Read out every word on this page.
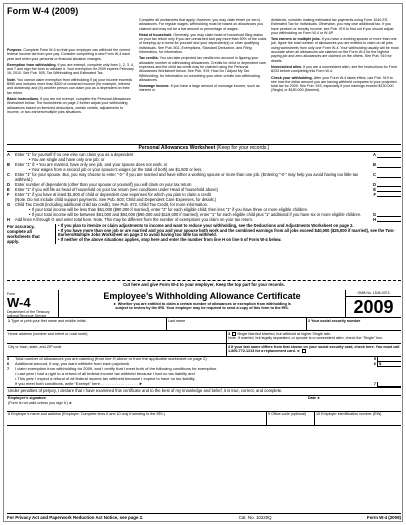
Form W-4 (2009)

Purpose. Complete Form W-4 so that your employer can withhold the correct federal income tax from your pay. Consider completing a new Form W-4 each year and when your personal or financial situation changes.

Exemption from withholding. If you are exempt, complete only lines 1, 2, 3, 4, and 7 and sign the form to validate it. Your exemption for 2009 expires February 16, 2010. See Pub. 505, Tax Withholding and Estimated Tax.

Note. You cannot claim exemption from withholding if (a) your income exceeds $950 and includes more than $300 of unearned income (for example, interest and dividends) and (b) another person can claim you as a dependent on their tax return.

Basic instructions. If you are not exempt, complete the Personal Allowances Worksheet below. The worksheets on page 2 further adjust your withholding allowances based on itemized deductions, certain credits, adjustments to income, or two-earners/multiple jobs situations.

Complete all worksheets that apply. However, you may claim fewer (or zero) allowances. For regular wages, withholding must be based on allowances you claimed and may not be a flat amount or percentage of wages.

Head of household. Generally, you may claim head of household filing status on your tax return only if you are unmarried and pay more than 50% of the costs of keeping up a home for yourself and your dependent(s) or other qualifying individuals. See Pub. 501, Exemptions, Standard Deduction, and Filing Information, for information.

Tax credits. You can take projected tax credits into account in figuring your allowable number of withholding allowances. Credits for child or dependent care expenses and the child tax credit may be claimed using the Personal Allowances Worksheet below. See Pub. 919, How Do I Adjust My Tax Withholding, for information on converting your other credits into withholding allowances.

Nonwage income. If you have a large amount of nonwage income, such as interest or

dividends, consider making estimated tax payments using Form 1040-ES, Estimated Tax for Individuals. Otherwise, you may owe additional tax. If you have pension or annuity income, see Pub. 919 to find out if you should adjust your withholding on Form W-4 or W-4P.

Two earners or multiple jobs. If you have a working spouse or more than one job, figure the total number of allowances you are entitled to claim on all jobs using worksheets from only one Form W-4. Your withholding usually will be most accurate when all allowances are claimed on the Form W-4 for the highest paying job and zero allowances are claimed on the others. See Pub. 919 for details.

Nonresident alien. If you are a nonresident alien, see the Instructions for Form 8233 before completing this Form W-4.

Check your withholding. After your Form W-4 takes effect, use Pub. 919 to see how the dollar amount you are having withheld compares to your projected total tax for 2009. See Pub. 919, especially if your earnings exceed $130,000 (Single) or $180,000 (Married).

Personal Allowances Worksheet (Keep for your records.)
A	Enter “1” for yourself if no one else can claim you as a dependent	A
• You are single and have only one job; or
B	Enter “1” if: • You are married, have only one job, and your spouse does not work; or	B
• Your wages from a second job or your spouse’s wages (or the total of both) are $1,500 or less.
C	Enter “1” for your spouse. But, you may choose to enter “-0-” if you are married and have either a working spouse or more than one job. (Entering “-0-” may help you avoid having too little tax withheld.)
C
D	Enter number of dependents (other than your spouse or yourself) you will claim on your tax return	D
E	Enter “1” if you will file as head of household on your tax return (see conditions under Head of household above)	E
F	Enter “1” if you have at least $1,800 of child or dependent care expenses for which you plan to claim a credit	F
(Note. Do not include child support payments. See Pub. 503, Child and Dependent Care Expenses, for details.)
G	Child Tax Credit (including additional child tax credit). See Pub. 972, Child Tax Credit, for more information.
• If your total income will be less than $61,000 ($90,000 if married), enter “2” for each eligible child; then less “1” if you have three or more eligible children.
• If your total income will be between $61,000 and $84,000 ($90,000 and $119,000 if married), enter “1” for each eligible child plus “1” additional if you have six or more eligible children.	G
H	Add lines A through G and enter total here. Note. This may be different from the number of exemptions you claim on your tax return.	H
For accuracy, complete all worksheets that apply.
• If you plan to itemize or claim adjustments to income and want to reduce your withholding, see the Deductions and Adjustments Worksheet on page 2.
• If you have more than one job or are married and you and your spouse both work and the combined earnings from all jobs exceed $40,000 ($25,000 if married), see the Two-Earners/Multiple Jobs Worksheet on page 2 to avoid having too little tax withheld.
• If neither of the above situations applies, stop here and enter the number from line H on line 5 of Form W-4 below.
Cut here and give Form W-4 to your employer. Keep the top part for your records.
Form
W-4
Department of the Treasury Internal Revenue Service
Employee’s Withholding Allowance Certificate
► Whether you are entitled to claim a certain number of allowances or exemption from withholding is
subject to review by the IRS. Your employer may be required to send a copy of this form to the IRS.
OMB No. 1545-0074
2009
1 Type or print your first name and middle initial.	Last name	2 Your social security number
Home address (number and street or rural route)	3 Single Married Married, but withhold at higher Single rate.
Note. If married, but legally separated, or spouse is a nonresident alien, check the “Single” box.
City or town, state, and ZIP code	4 If your last name differs from that shown on your social security card, check here. You must call 1-800-772-1213 for a replacement card. ►
5	Total number of allowances you are claiming (from line H above or from the applicable worksheet on page 2)	5
6	Additional amount, if any, you want withheld from each paycheck	6 $
7	I claim exemption from withholding for 2009, and I certify that I meet both of the following conditions for exemption.
• Last year I had a right to a refund of all federal income tax withheld because I had no tax liability and
• This year I expect a refund of all federal income tax withheld because I expect to have no tax liability.
If you meet both conditions, write “Exempt” here . . . . . . . . . . . . . . . . . ►	7
Under penalties of perjury, I declare that I have examined this certificate and to the best of my knowledge and belief, it is true, correct, and complete.
Employee’s signature
(Form is not valid unless you sign it.) ►
Date ►
8 Employer’s name and address (Employer: Complete lines 8 and 10 only if sending to the IRS.)	9 Office code (optional)	10 Employer identification number (EIN)
For Privacy Act and Paperwork Reduction Act Notice, see page 2.	Cat. No. 10220Q	Form W-4 (2009)
